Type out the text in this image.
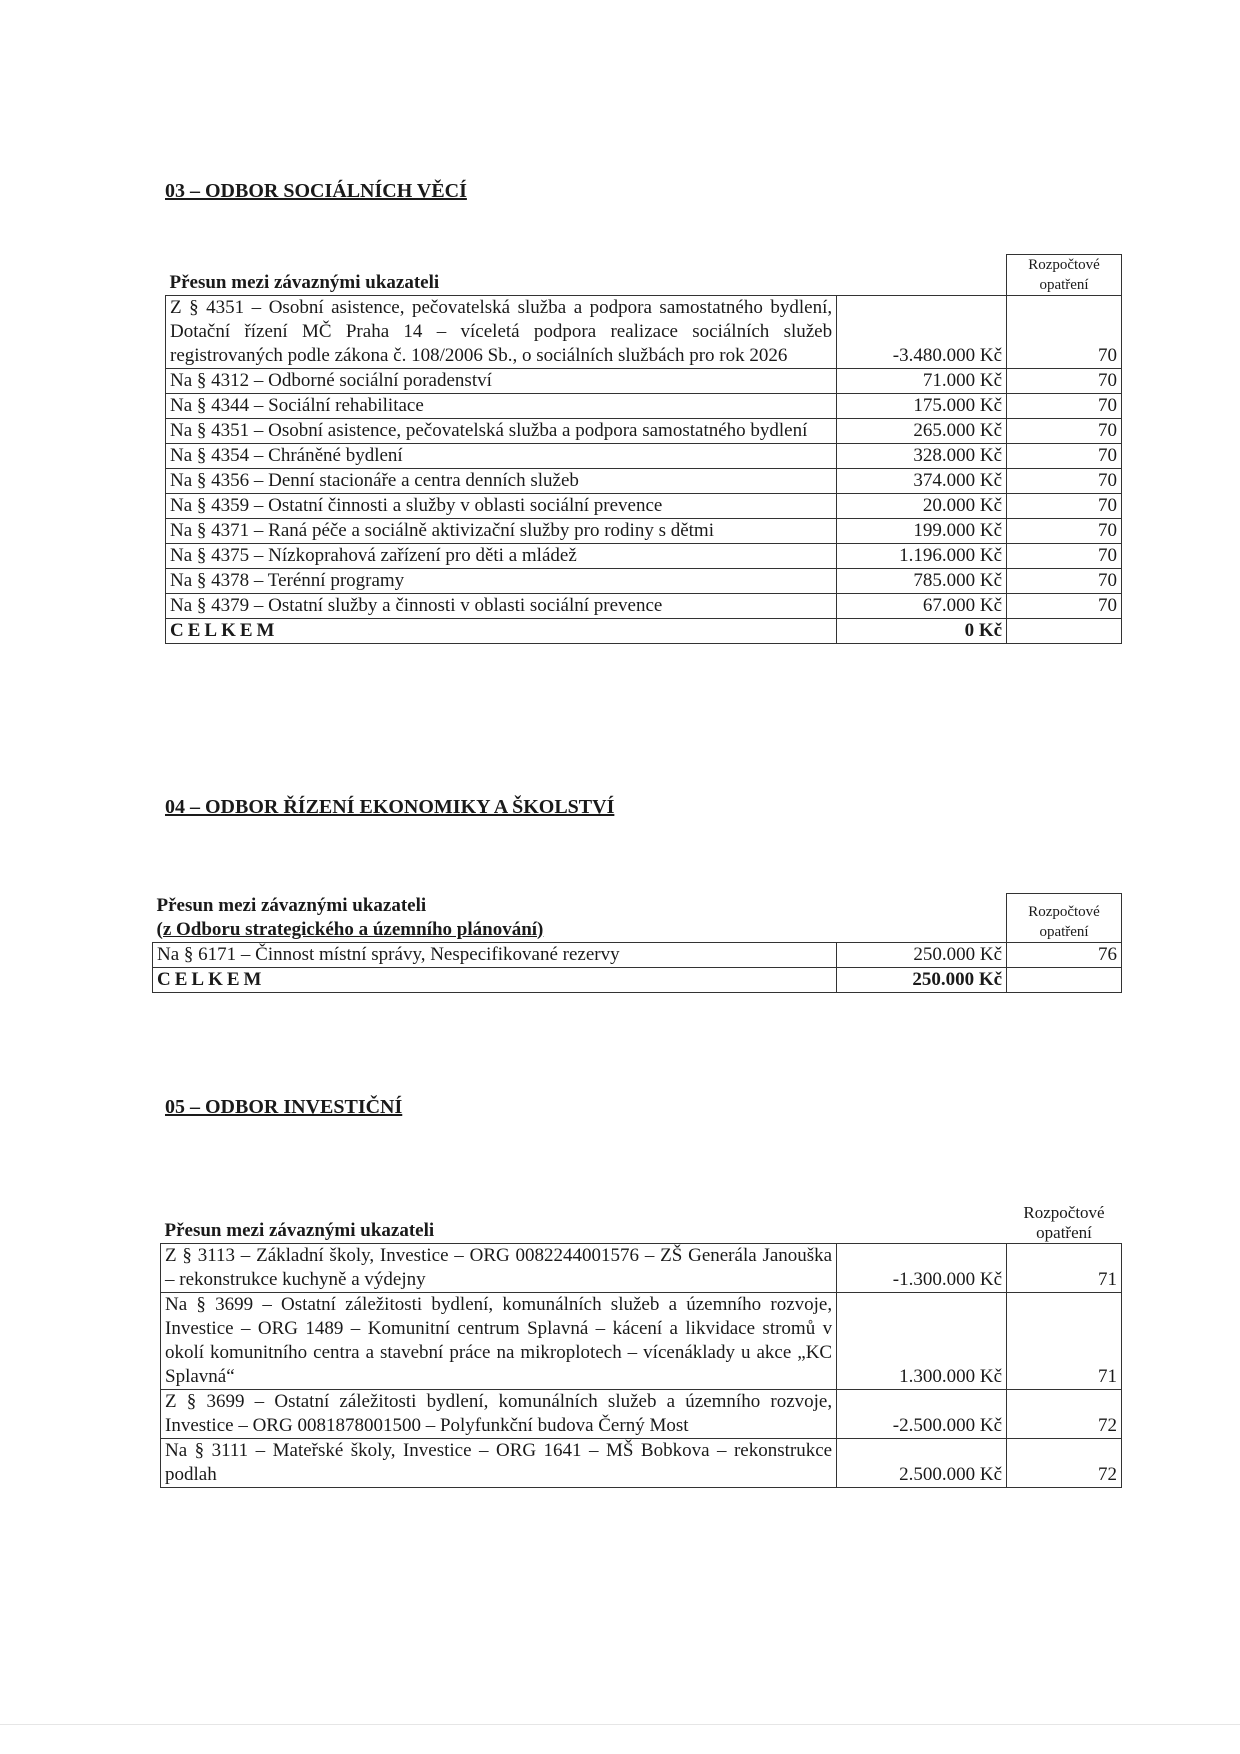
03 – ODBOR SOCIÁLNÍCH VĚCÍ
Přesun mezi závaznými ukazateli		Rozpočtové opatření
Z § 4351 – Osobní asistence, pečovatelská služba a podpora samostatného bydlení, Dotační řízení MČ Praha 14 – víceletá podpora realizace sociálních služeb registrovaných podle zákona č. 108/2006 Sb., o sociálních službách pro rok 2026	-3.480.000 Kč	70
Na § 4312 – Odborné sociální poradenství	71.000 Kč	70
Na § 4344 – Sociální rehabilitace	175.000 Kč	70
Na § 4351 – Osobní asistence, pečovatelská služba a podpora samostatného bydlení	265.000 Kč	70
Na § 4354 – Chráněné bydlení	328.000 Kč	70
Na § 4356 – Denní stacionáře a centra denních služeb	374.000 Kč	70
Na § 4359 – Ostatní činnosti a služby v oblasti sociální prevence	20.000 Kč	70
Na § 4371 – Raná péče a sociálně aktivizační služby pro rodiny s dětmi	199.000 Kč	70
Na § 4375 – Nízkoprahová zařízení pro děti a mládež	1.196.000 Kč	70
Na § 4378 – Terénní programy	785.000 Kč	70
Na § 4379 – Ostatní služby a činnosti v oblasti sociální prevence	67.000 Kč	70
CELKEM	0 Kč	
04 – ODBOR ŘÍZENÍ EKONOMIKY A ŠKOLSTVÍ
Přesun mezi závaznými ukazateli
(z Odboru strategického a územního plánování)		Rozpočtové opatření
Na § 6171 – Činnost místní správy, Nespecifikované rezervy	250.000 Kč	76
CELKEM	250.000 Kč	
05 – ODBOR INVESTIČNÍ
Přesun mezi závaznými ukazateli		Rozpočtové opatření
Z § 3113 – Základní školy, Investice – ORG 0082244001576 – ZŠ Generála Janouška – rekonstrukce kuchyně a výdejny	-1.300.000 Kč	71
Na § 3699 – Ostatní záležitosti bydlení, komunálních služeb a územního rozvoje, Investice – ORG 1489 – Komunitní centrum Splavná – kácení a likvidace stromů v okolí komunitního centra a stavební práce na mikroplotech – vícenáklady u akce „KC Splavná“	1.300.000 Kč	71
Z § 3699 – Ostatní záležitosti bydlení, komunálních služeb a územního rozvoje, Investice – ORG 0081878001500 – Polyfunkční budova Černý Most	-2.500.000 Kč	72
Na § 3111 – Mateřské školy, Investice – ORG 1641 – MŠ Bobkova – rekonstrukce podlah	2.500.000 Kč	72
